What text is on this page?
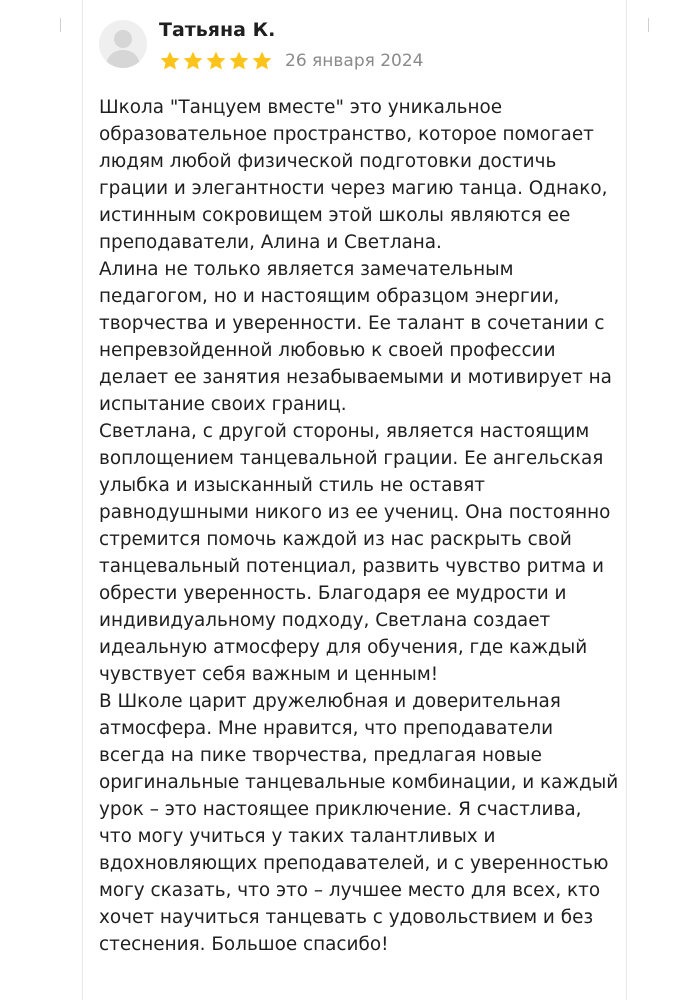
Татьяна К.
26 января 2024

Школа "Танцуем вместе" это уникальное образовательное пространство, которое помогает людям любой физической подготовки достичь грации и элегантности через магию танца. Однако, истинным сокровищем этой школы являются ее преподаватели, Алина и Светлана.

Алина не только является замечательным педагогом, но и настоящим образцом энергии, творчества и уверенности. Ее талант в сочетании с непревзойденной любовью к своей профессии делает ее занятия незабываемыми и мотивирует на испытание своих границ.

Светлана, с другой стороны, является настоящим воплощением танцевальной грации. Ее ангельская улыбка и изысканный стиль не оставят равнодушными никого из ее учениц. Она постоянно стремится помочь каждой из нас раскрыть свой танцевальный потенциал, развить чувство ритма и обрести уверенность. Благодаря ее мудрости и индивидуальному подходу, Светлана создает идеальную атмосферу для обучения, где каждый чувствует себя важным и ценным!

В Школе царит дружелюбная и доверительная атмосфера. Мне нравится, что преподаватели всегда на пике творчества, предлагая новые оригинальные танцевальные комбинации, и каждый урок – это настоящее приключение. Я счастлива, что могу учиться у таких талантливых и вдохновляющих преподавателей, и с уверенностью могу сказать, что это – лучшее место для всех, кто хочет научиться танцевать с удовольствием и без стеснения. Большое спасибо!
